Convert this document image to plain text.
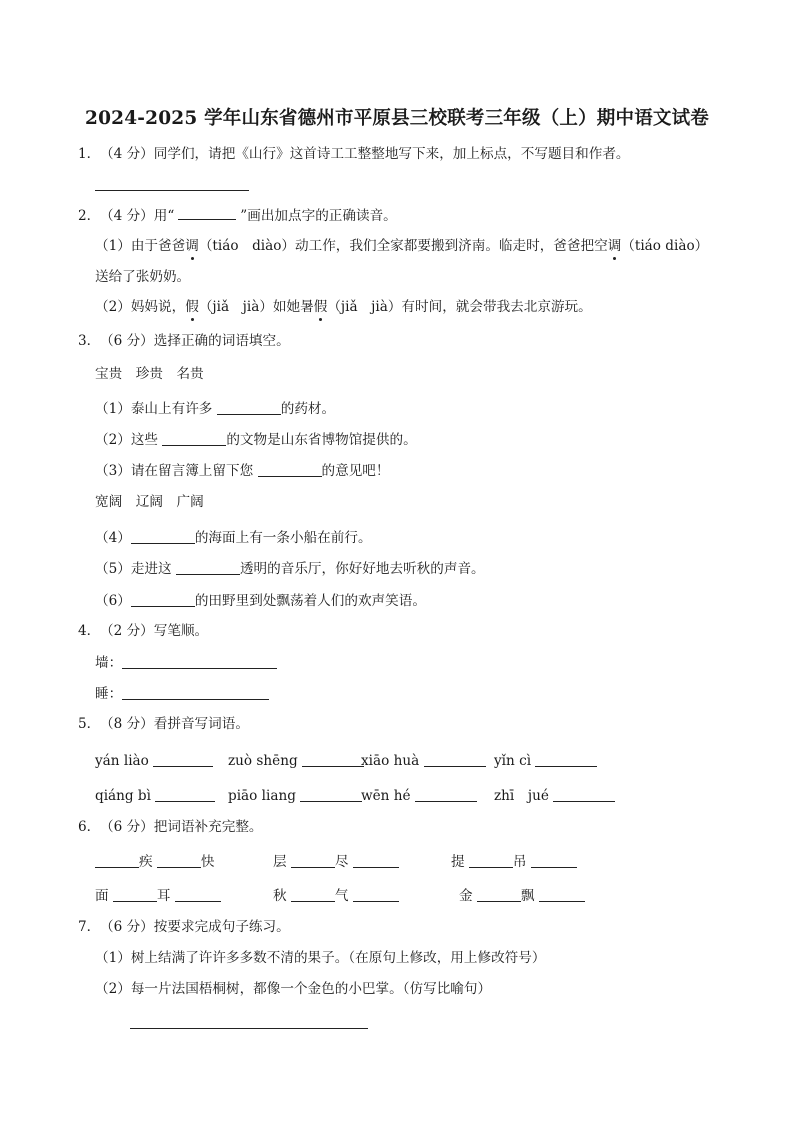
2024-2025 学年山东省德州市平原县三校联考三年级（上）期中语文试卷
1．（4 分）同学们，请把《山行》这首诗工工整整地写下来，加上标点，不写题目和作者。
2．（4 分）用“	”画出加点字的正确读音。
（1）由于爸爸调（tiáo　diào）动工作，我们全家都要搬到济南。临走时，爸爸把空调（tiáo diào）
送给了张奶奶。
（2）妈妈说，假（jiǎ　jià）如她暑假（jiǎ　jià）有时间，就会带我去北京游玩。
3．（6 分）选择正确的词语填空。
宝贵　珍贵　名贵
（1）泰山上有许多	的药材。
（2）这些	的文物是山东省博物馆提供的。
（3）请在留言簿上留下您	的意见吧！
宽阔　辽阔　广阔
（4）	的海面上有一条小船在前行。
（5）走进这	透明的音乐厅，你好好地去听秋的声音。
（6）	的田野里到处飘荡着人们的欢声笑语。
4．（2 分）写笔顺。
墙：
睡：
5．（8 分）看拼音写词语。
yán liào	zuò shēng	xiāo huà	yǐn cì
qiáng bì	piāo liang	wēn hé	zhī　jué
6．（6 分）把词语补充完整。
疾	快	层	尽	提	吊
面	耳	秋	气	金	飘
7．（6 分）按要求完成句子练习。
（1）树上结满了许许多多数不清的果子。（在原句上修改，用上修改符号）
（2）每一片法国梧桐树，都像一个金色的小巴掌。（仿写比喻句）
